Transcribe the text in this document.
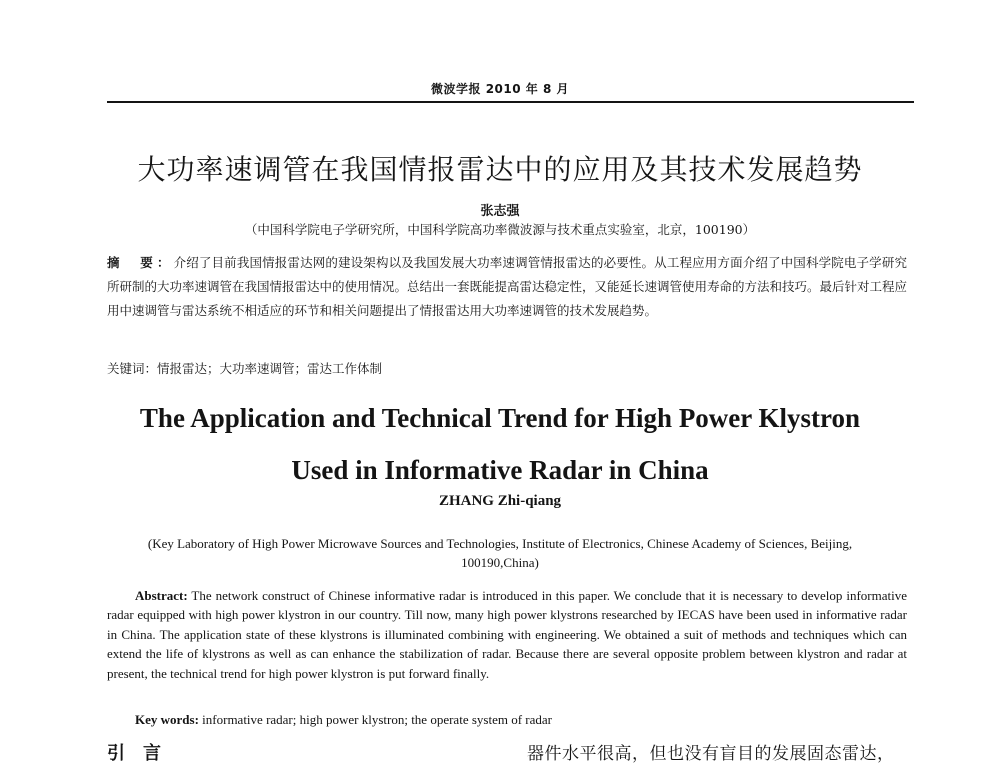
微波学报 2010 年 8 月
大功率速调管在我国情报雷达中的应用及其技术发展趋势
张志强
（中国科学院电子学研究所，中国科学院高功率微波源与技术重点实验室，北京，100190）
摘　要：介绍了目前我国情报雷达网的建设架构以及我国发展大功率速调管情报雷达的必要性。从工程应用方面介绍了中国科学院电子学研究所研制的大功率速调管在我国情报雷达中的使用情况。总结出一套既能提高雷达稳定性，又能延长速调管使用寿命的方法和技巧。最后针对工程应用中速调管与雷达系统不相适应的环节和相关问题提出了情报雷达用大功率速调管的技术发展趋势。
关键词：情报雷达；大功率速调管；雷达工作体制
The Application and Technical Trend for High Power Klystron
Used in Informative Radar in China
ZHANG Zhi-qiang
(Key Laboratory of High Power Microwave Sources and Technologies, Institute of Electronics, Chinese Academy of Sciences, Beijing, 100190,China)
Abstract: The network construct of Chinese informative radar is introduced in this paper. We conclude that it is necessary to develop informative radar equipped with high power klystron in our country. Till now, many high power klystrons researched by IECAS have been used in informative radar in China. The application state of these klystrons is illuminated combining with engineering. We obtained a suit of methods and techniques which can extend the life of klystrons as well as can enhance the stabilization of radar. Because there are several opposite problem between klystron and radar at present, the technical trend for high power klystron is put forward finally.
Key words: informative radar; high power klystron; the operate system of radar
引言	器件水平很高，但也没有盲目的发展固态雷达，
